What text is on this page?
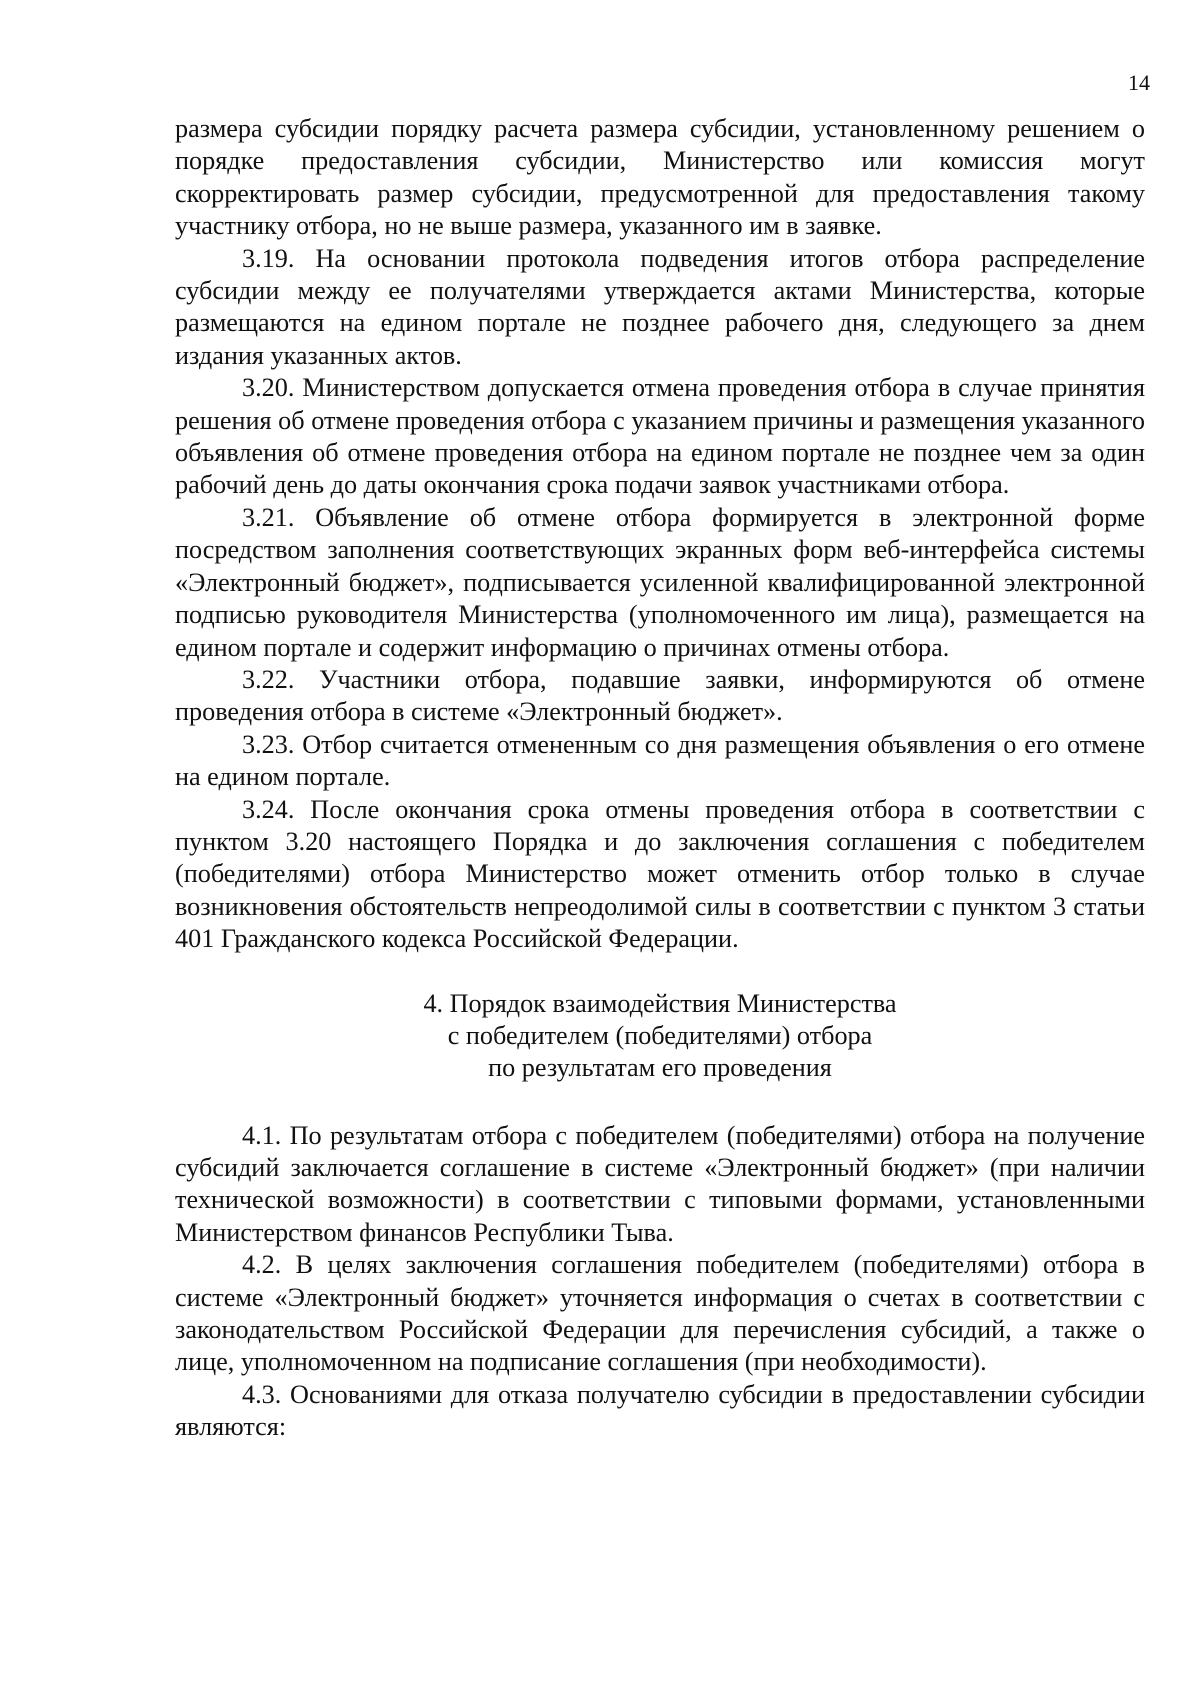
14

размера субсидии порядку расчета размера субсидии, установленному решением о порядке предоставления субсидии, Министерство или комиссия могут скорректировать размер субсидии, предусмотренной для предоставления такому участнику отбора, но не выше размера, указанного им в заявке.

3.19. На основании протокола подведения итогов отбора распределение субсидии между ее получателями утверждается актами Министерства, которые размещаются на едином портале не позднее рабочего дня, следующего за днем издания указанных актов.

3.20. Министерством допускается отмена проведения отбора в случае принятия решения об отмене проведения отбора с указанием причины и размещения указанного объявления об отмене проведения отбора на едином портале не позднее чем за один рабочий день до даты окончания срока подачи заявок участниками отбора.

3.21. Объявление об отмене отбора формируется в электронной форме посредством заполнения соответствующих экранных форм веб-интерфейса системы «Электронный бюджет», подписывается усиленной квалифицированной электронной подписью руководителя Министерства (уполномоченного им лица), размещается на едином портале и содержит информацию о причинах отмены отбора.

3.22. Участники отбора, подавшие заявки, информируются об отмене проведения отбора в системе «Электронный бюджет».

3.23. Отбор считается отмененным со дня размещения объявления о его отмене на едином портале.

3.24. После окончания срока отмены проведения отбора в соответствии с пунктом 3.20 настоящего Порядка и до заключения соглашения с победителем (победителями) отбора Министерство может отменить отбор только в случае возникновения обстоятельств непреодолимой силы в соответствии с пунктом 3 статьи 401 Гражданского кодекса Российской Федерации.

4. Порядок взаимодействия Министерства
с победителем (победителями) отбора
по результатам его проведения

4.1. По результатам отбора с победителем (победителями) отбора на получение субсидий заключается соглашение в системе «Электронный бюджет» (при наличии технической возможности) в соответствии с типовыми формами, установленными Министерством финансов Республики Тыва.

4.2. В целях заключения соглашения победителем (победителями) отбора в системе «Электронный бюджет» уточняется информация о счетах в соответствии с законодательством Российской Федерации для перечисления субсидий, а также о лице, уполномоченном на подписание соглашения (при необходимости).

4.3. Основаниями для отказа получателю субсидии в предоставлении субсидии являются:
